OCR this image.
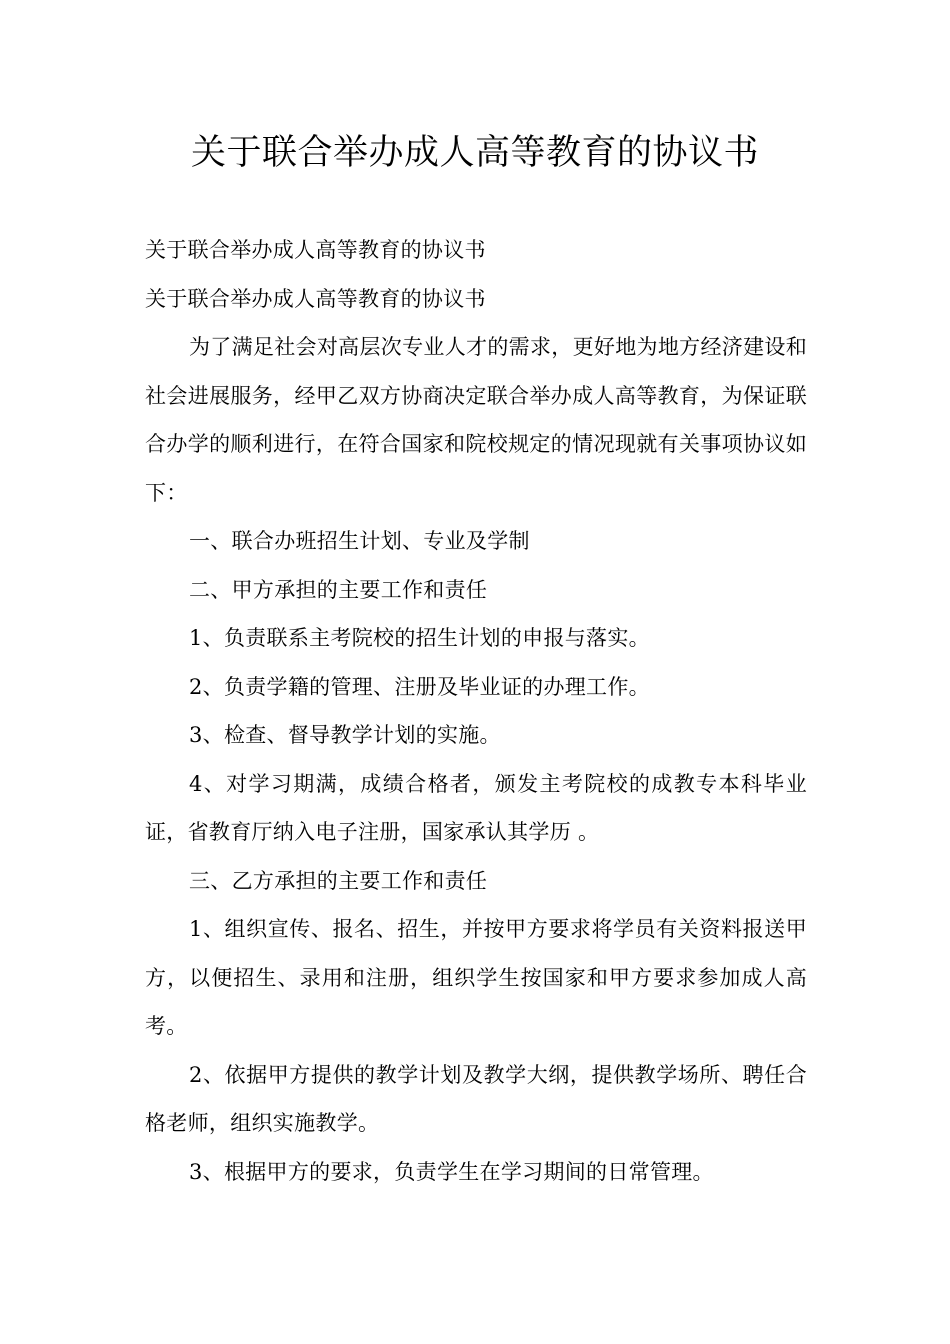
关于联合举办成人高等教育的协议书

关于联合举办成人高等教育的协议书

关于联合举办成人高等教育的协议书

为了满足社会对高层次专业人才的需求，更好地为地方经济建设和社会进展服务，经甲乙双方协商决定联合举办成人高等教育，为保证联合办学的顺利进行，在符合国家和院校规定的情况现就有关事项协议如下：

一、联合办班招生计划、专业及学制

二、甲方承担的主要工作和责任

1、负责联系主考院校的招生计划的申报与落实。

2、负责学籍的管理、注册及毕业证的办理工作。

3、检查、督导教学计划的实施。

4、对学习期满，成绩合格者，颁发主考院校的成教专本科毕业证，省教育厅纳入电子注册，国家承认其学历 。

三、乙方承担的主要工作和责任

1、组织宣传、报名、招生，并按甲方要求将学员有关资料报送甲方，以便招生、录用和注册，组织学生按国家和甲方要求参加成人高考。

2、依据甲方提供的教学计划及教学大纲，提供教学场所、聘任合格老师，组织实施教学。

3、根据甲方的要求，负责学生在学习期间的日常管理。
